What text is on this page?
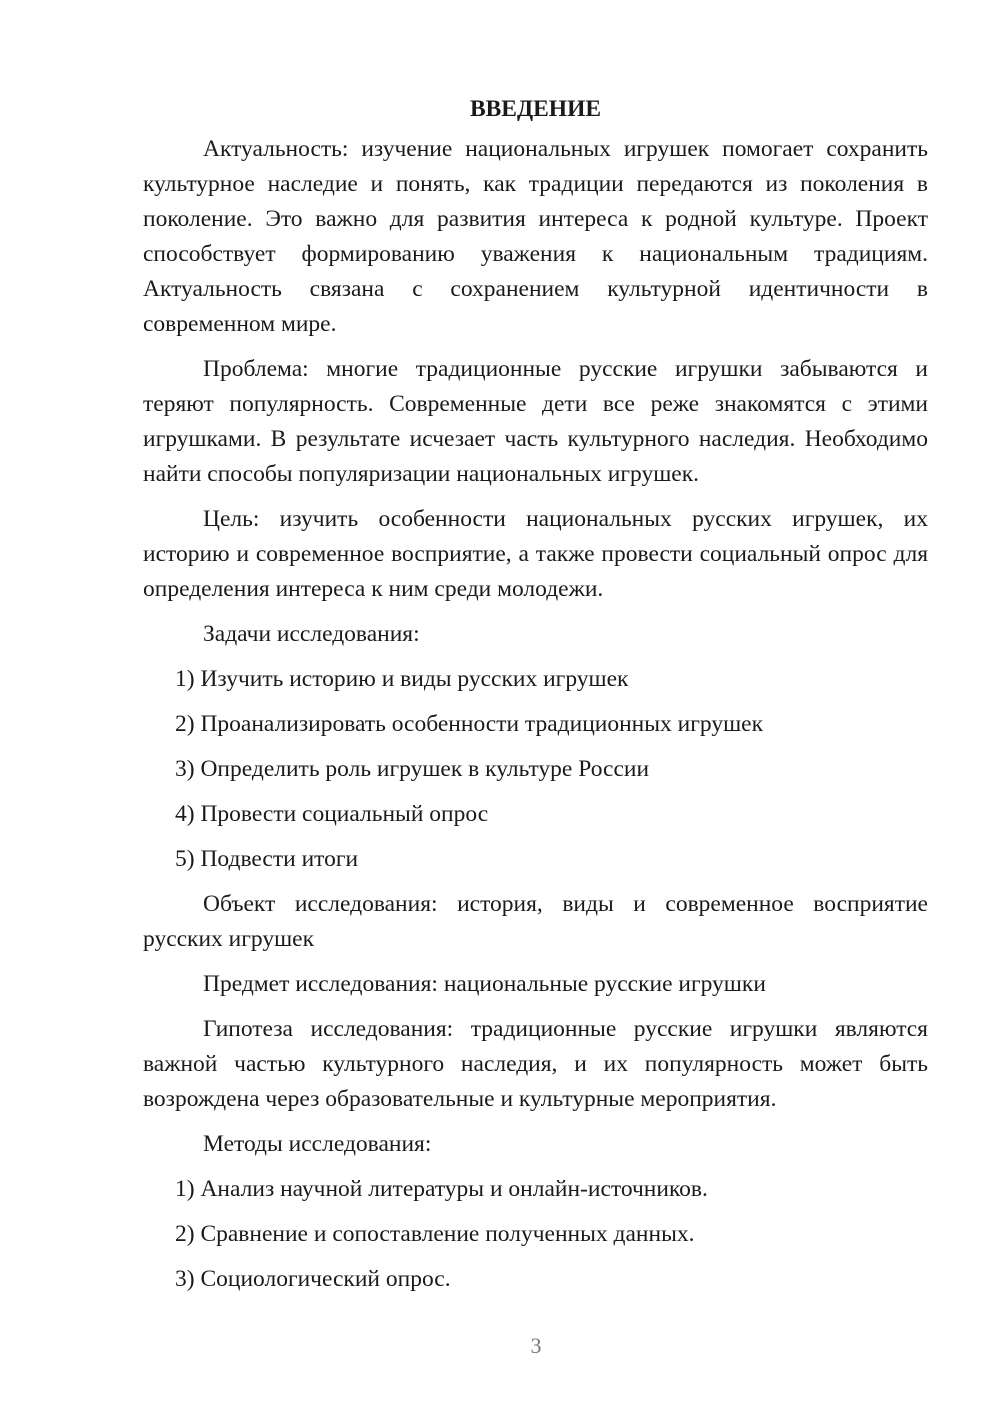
ВВЕДЕНИЕ

Актуальность: изучение национальных игрушек помогает сохранить культурное наследие и понять, как традиции передаются из поколения в поколение. Это важно для развития интереса к родной культуре. Проект способствует формированию уважения к национальным традициям. Актуальность связана с сохранением культурной идентичности в современном мире.

Проблема: многие традиционные русские игрушки забываются и теряют популярность. Современные дети все реже знакомятся с этими игрушками. В результате исчезает часть культурного наследия. Необходимо найти способы популяризации национальных игрушек.

Цель: изучить особенности национальных русских игрушек, их историю и современное восприятие, а также провести социальный опрос для определения интереса к ним среди молодежи.

Задачи исследования:

1) Изучить историю и виды русских игрушек
2) Проанализировать особенности традиционных игрушек
3) Определить роль игрушек в культуре России
4) Провести социальный опрос
5) Подвести итоги

Объект исследования: история, виды и современное восприятие русских игрушек

Предмет исследования: национальные русские игрушки

Гипотеза исследования: традиционные русские игрушки являются важной частью культурного наследия, и их популярность может быть возрождена через образовательные и культурные мероприятия.

Методы исследования:

1) Анализ научной литературы и онлайн-источников.
2) Сравнение и сопоставление полученных данных.
3) Социологический опрос.
3
